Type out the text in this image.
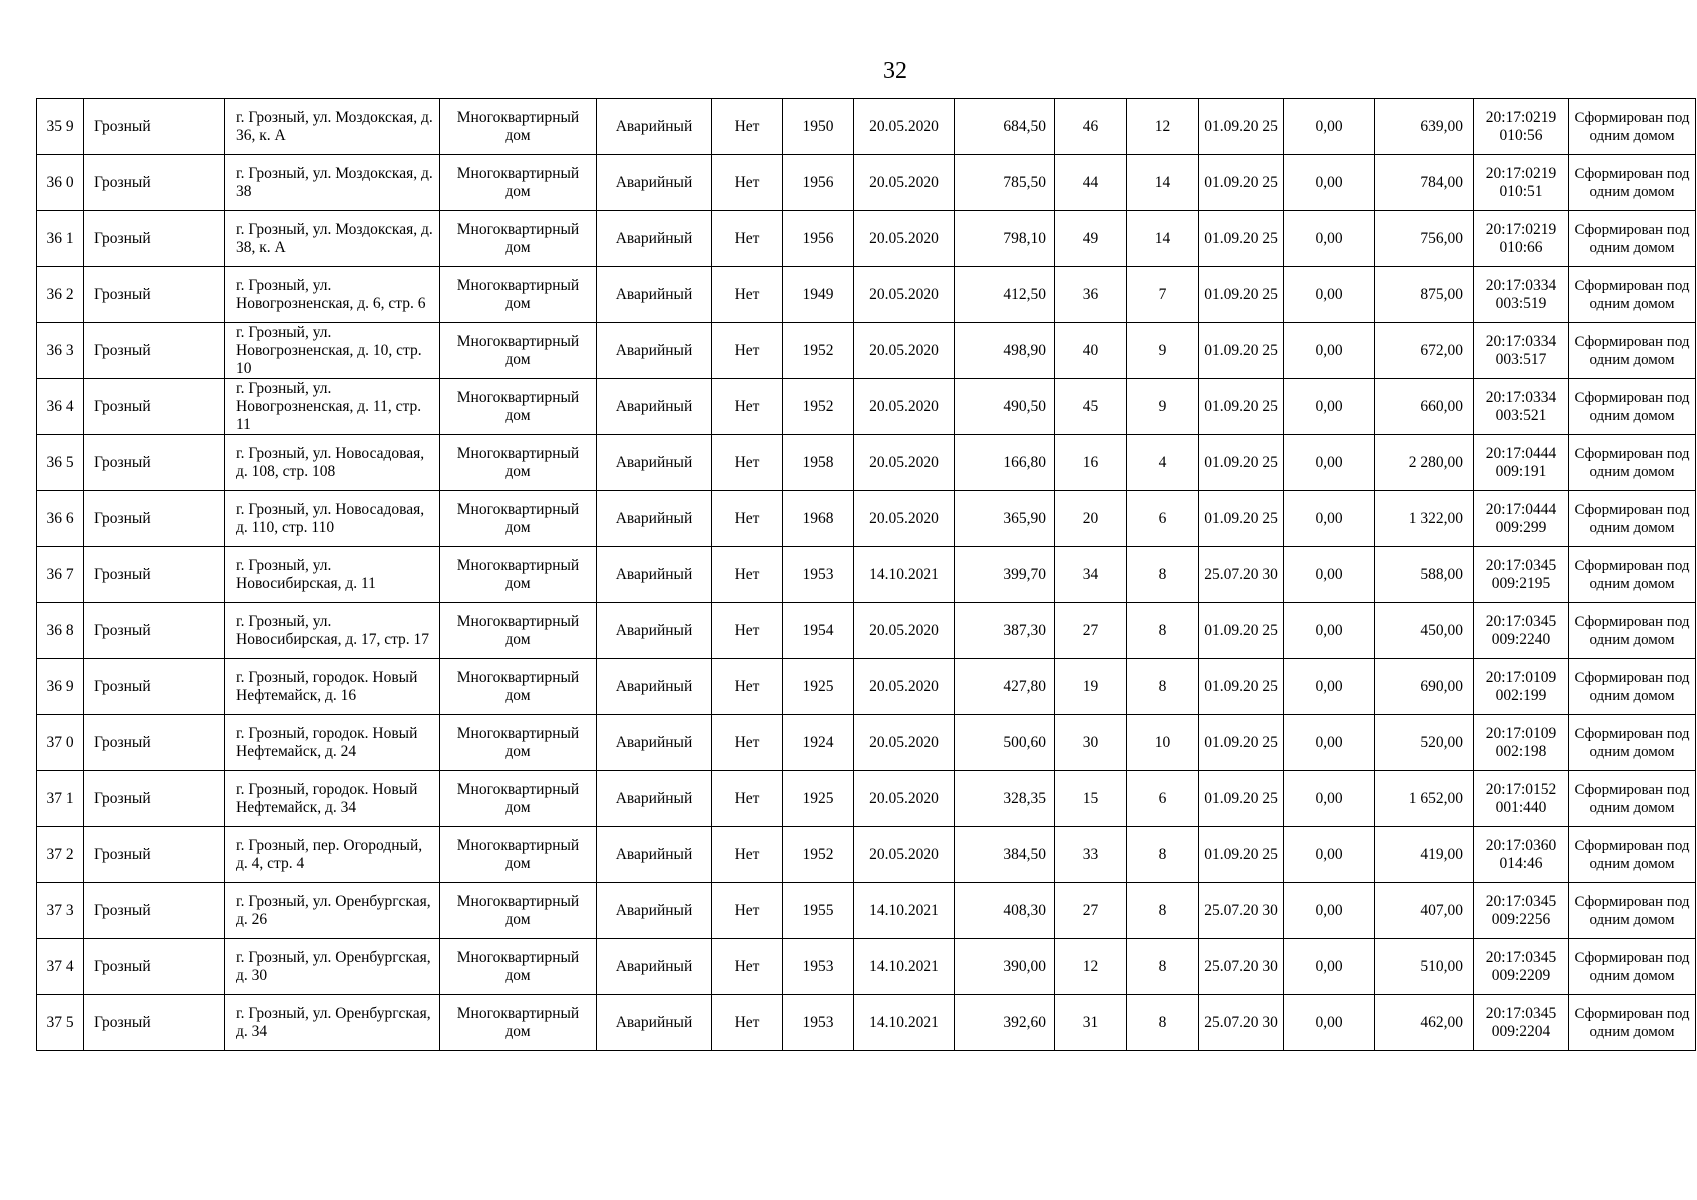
32
35 9	Грозный	г. Грозный, ул. Моздокская, д. 36, к. А	Многоквартирный дом	Аварийный	Нет	1950	20.05.2020	684,50	46	12	01.09.20 25	0,00	639,00	20:17:0219 010:56	Сформирован под одним домом
36 0	Грозный	г. Грозный, ул. Моздокская, д. 38	Многоквартирный дом	Аварийный	Нет	1956	20.05.2020	785,50	44	14	01.09.20 25	0,00	784,00	20:17:0219 010:51	Сформирован под одним домом
36 1	Грозный	г. Грозный, ул. Моздокская, д. 38, к. А	Многоквартирный дом	Аварийный	Нет	1956	20.05.2020	798,10	49	14	01.09.20 25	0,00	756,00	20:17:0219 010:66	Сформирован под одним домом
36 2	Грозный	г. Грозный, ул. Новогрозненская, д. 6, стр. 6	Многоквартирный дом	Аварийный	Нет	1949	20.05.2020	412,50	36	7	01.09.20 25	0,00	875,00	20:17:0334 003:519	Сформирован под одним домом
36 3	Грозный	г. Грозный, ул. Новогрозненская, д. 10, стр. 10	Многоквартирный дом	Аварийный	Нет	1952	20.05.2020	498,90	40	9	01.09.20 25	0,00	672,00	20:17:0334 003:517	Сформирован под одним домом
36 4	Грозный	г. Грозный, ул. Новогрозненская, д. 11, стр. 11	Многоквартирный дом	Аварийный	Нет	1952	20.05.2020	490,50	45	9	01.09.20 25	0,00	660,00	20:17:0334 003:521	Сформирован под одним домом
36 5	Грозный	г. Грозный, ул. Новосадовая, д. 108, стр. 108	Многоквартирный дом	Аварийный	Нет	1958	20.05.2020	166,80	16	4	01.09.20 25	0,00	2 280,00	20:17:0444 009:191	Сформирован под одним домом
36 6	Грозный	г. Грозный, ул. Новосадовая, д. 110, стр. 110	Многоквартирный дом	Аварийный	Нет	1968	20.05.2020	365,90	20	6	01.09.20 25	0,00	1 322,00	20:17:0444 009:299	Сформирован под одним домом
36 7	Грозный	г. Грозный, ул. Новосибирская, д. 11	Многоквартирный дом	Аварийный	Нет	1953	14.10.2021	399,70	34	8	25.07.20 30	0,00	588,00	20:17:0345 009:2195	Сформирован под одним домом
36 8	Грозный	г. Грозный, ул. Новосибирская, д. 17, стр. 17	Многоквартирный дом	Аварийный	Нет	1954	20.05.2020	387,30	27	8	01.09.20 25	0,00	450,00	20:17:0345 009:2240	Сформирован под одним домом
36 9	Грозный	г. Грозный, городок. Новый Нефтемайск, д. 16	Многоквартирный дом	Аварийный	Нет	1925	20.05.2020	427,80	19	8	01.09.20 25	0,00	690,00	20:17:0109 002:199	Сформирован под одним домом
37 0	Грозный	г. Грозный, городок. Новый Нефтемайск, д. 24	Многоквартирный дом	Аварийный	Нет	1924	20.05.2020	500,60	30	10	01.09.20 25	0,00	520,00	20:17:0109 002:198	Сформирован под одним домом
37 1	Грозный	г. Грозный, городок. Новый Нефтемайск, д. 34	Многоквартирный дом	Аварийный	Нет	1925	20.05.2020	328,35	15	6	01.09.20 25	0,00	1 652,00	20:17:0152 001:440	Сформирован под одним домом
37 2	Грозный	г. Грозный, пер. Огородный, д. 4, стр. 4	Многоквартирный дом	Аварийный	Нет	1952	20.05.2020	384,50	33	8	01.09.20 25	0,00	419,00	20:17:0360 014:46	Сформирован под одним домом
37 3	Грозный	г. Грозный, ул. Оренбургская, д. 26	Многоквартирный дом	Аварийный	Нет	1955	14.10.2021	408,30	27	8	25.07.20 30	0,00	407,00	20:17:0345 009:2256	Сформирован под одним домом
37 4	Грозный	г. Грозный, ул. Оренбургская, д. 30	Многоквартирный дом	Аварийный	Нет	1953	14.10.2021	390,00	12	8	25.07.20 30	0,00	510,00	20:17:0345 009:2209	Сформирован под одним домом
37 5	Грозный	г. Грозный, ул. Оренбургская, д. 34	Многоквартирный дом	Аварийный	Нет	1953	14.10.2021	392,60	31	8	25.07.20 30	0,00	462,00	20:17:0345 009:2204	Сформирован под одним домом
